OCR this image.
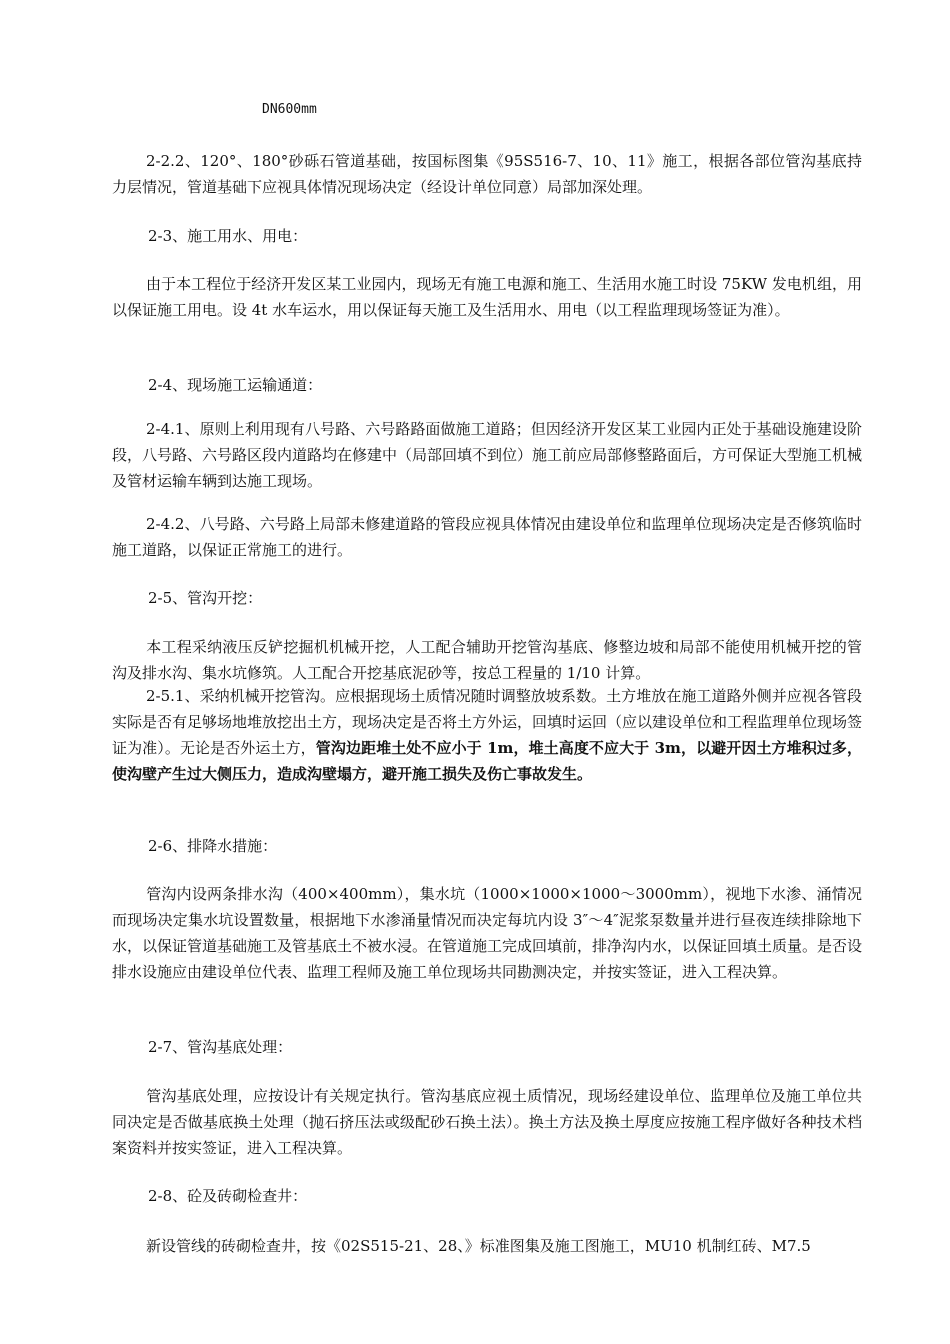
DN600mm

2-2.2、120°、180°砂砾石管道基础，按国标图集《95S516-7、10、11》施工，根据各部位管沟基底持力层情况，管道基础下应视具体情况现场决定（经设计单位同意）局部加深处理。

2-3、施工用水、用电：

由于本工程位于经济开发区某工业园内，现场无有施工电源和施工、生活用水施工时设 75KW 发电机组，用以保证施工用电。设 4t 水车运水，用以保证每天施工及生活用水、用电（以工程监理现场签证为准）。

2-4、现场施工运输通道：

2-4.1、原则上利用现有八号路、六号路路面做施工道路；但因经济开发区某工业园内正处于基础设施建设阶段，八号路、六号路区段内道路均在修建中（局部回填不到位）施工前应局部修整路面后，方可保证大型施工机械及管材运输车辆到达施工现场。

2-4.2、八号路、六号路上局部未修建道路的管段应视具体情况由建设单位和监理单位现场决定是否修筑临时施工道路，以保证正常施工的进行。

2-5、管沟开挖：

本工程采纳液压反铲挖掘机机械开挖，人工配合辅助开挖管沟基底、修整边坡和局部不能使用机械开挖的管沟及排水沟、集水坑修筑。人工配合开挖基底泥砂等，按总工程量的 1/10 计算。

2-5.1、采纳机械开挖管沟。应根据现场土质情况随时调整放坡系数。土方堆放在施工道路外侧并应视各管段实际是否有足够场地堆放挖出土方，现场决定是否将土方外运，回填时运回（应以建设单位和工程监理单位现场签证为准）。无论是否外运土方，管沟边距堆土处不应小于 1m，堆土高度不应大于 3m，以避开因土方堆积过多，使沟壁产生过大侧压力，造成沟壁塌方，避开施工损失及伤亡事故发生。

2-6、排降水措施：

管沟内设两条排水沟（400×400mm），集水坑（1000×1000×1000～3000mm），视地下水渗、涌情况而现场决定集水坑设置数量，根据地下水渗涌量情况而决定每坑内设 3″～4″泥浆泵数量并进行昼夜连续排除地下水，以保证管道基础施工及管基底土不被水浸。在管道施工完成回填前，排净沟内水，以保证回填土质量。是否设排水设施应由建设单位代表、监理工程师及施工单位现场共同勘测决定，并按实签证，进入工程决算。

2-7、管沟基底处理：

管沟基底处理，应按设计有关规定执行。管沟基底应视土质情况，现场经建设单位、监理单位及施工单位共同决定是否做基底换土处理（抛石挤压法或级配砂石换土法）。换土方法及换土厚度应按施工程序做好各种技术档案资料并按实签证，进入工程决算。

2-8、砼及砖砌检查井：

新设管线的砖砌检查井，按《02S515-21、28、》标准图集及施工图施工，MU10 机制红砖、M7.5
